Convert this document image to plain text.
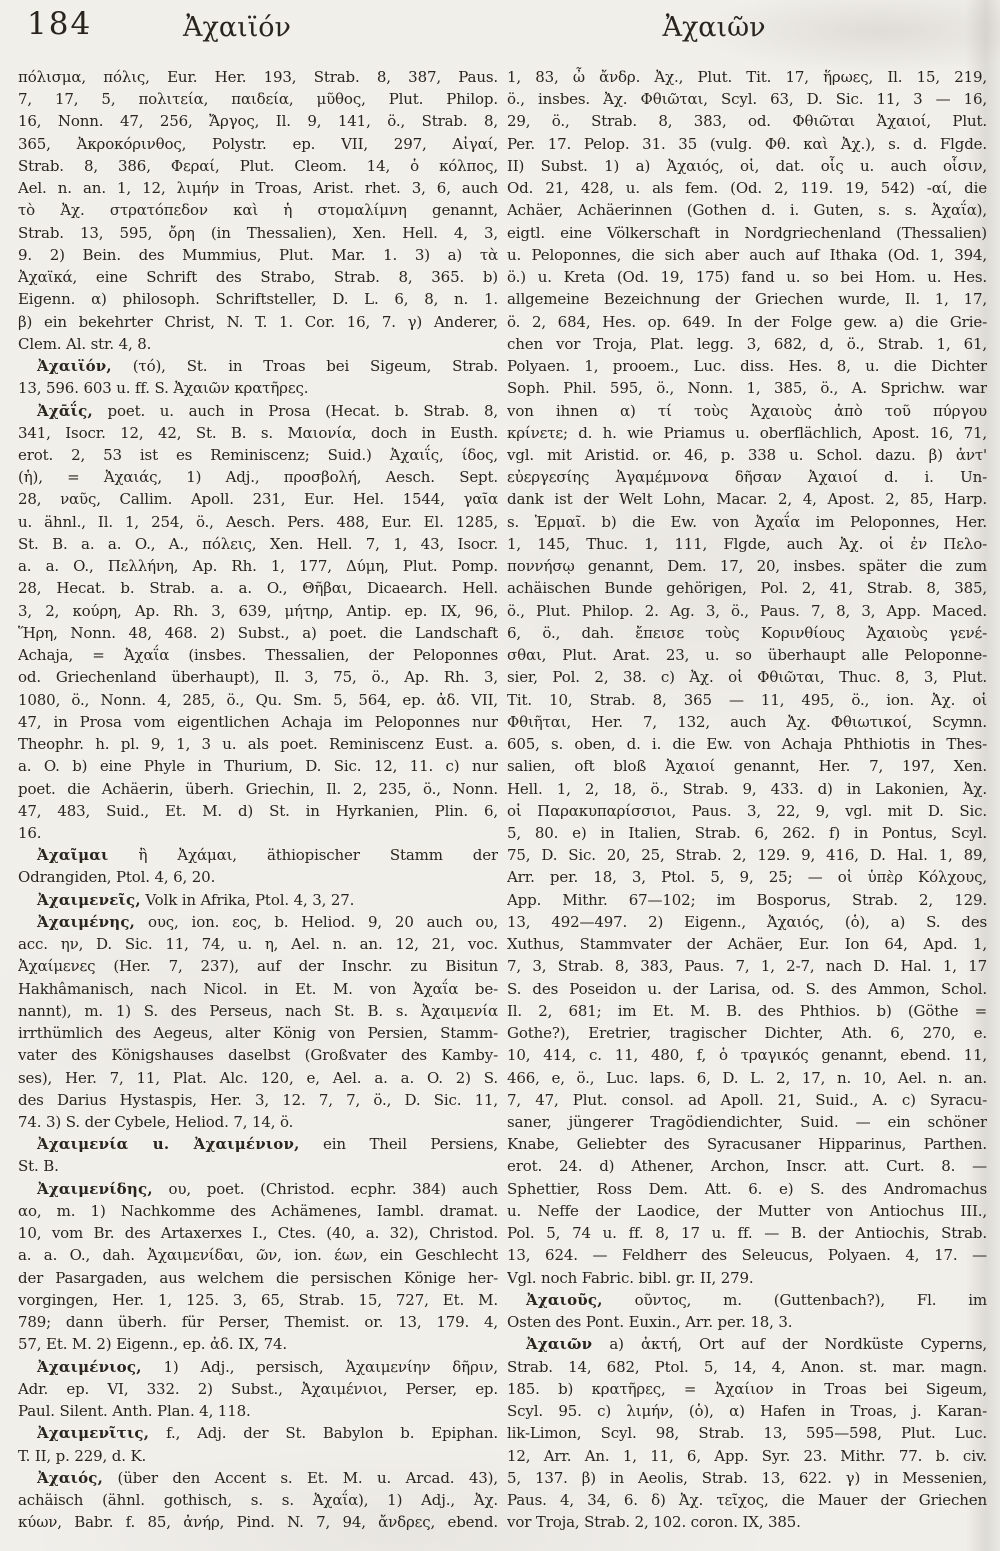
184	Ἀχαιϊόν	Ἀχαιῶν
πόλισμα, πόλις, Eur. Her. 193, Strab. 8, 387, Paus.
7, 17, 5, πολιτεία, παιδεία, μῦθος, Plut. Philop.
16, Nonn. 47, 256, Ἄργος, Il. 9, 141, ö., Strab. 8,
365, Ἀκροκόρινθος, Polystr. ep. VII, 297, Αἰγαί,
Strab. 8, 386, Φεραί, Plut. Cleom. 14, ὁ κόλπος,
Ael. n. an. 1, 12, λιμήν in Troas, Arist. rhet. 3, 6, auch
τὸ Ἀχ. στρατόπεδον καὶ ἡ στομαλίμνη genannt,
Strab. 13, 595, ὄρη (in Thessalien), Xen. Hell. 4, 3,
9. 2) Bein. des Mummius, Plut. Mar. 1. 3) a) τὰ
Ἀχαϊκά, eine Schrift des Strabo, Strab. 8, 365. b)
Eigenn. α) philosoph. Schriftsteller, D. L. 6, 8, n. 1.
β) ein bekehrter Christ, N. T. 1. Cor. 16, 7. γ) Anderer,
Clem. Al. str. 4, 8.
Ἀχαιϊόν, (τό), St. in Troas bei Sigeum, Strab.
13, 596. 603 u. ff. S. Ἀχαιῶν κρατῆρες.
Ἀχᾱΐς, poet. u. auch in Prosa (Hecat. b. Strab. 8,
341, Isocr. 12, 42, St. B. s. Μαιονία, doch in Eusth.
erot. 2, 53 ist es Reminiscenz; Suid.) Ἀχαιΐς, ίδος,
(ἡ), = Ἀχαιάς, 1) Adj., προσβολή, Aesch. Sept.
28, ναῦς, Callim. Apoll. 231, Eur. Hel. 1544, γαῖα
u. ähnl., Il. 1, 254, ö., Aesch. Pers. 488, Eur. El. 1285,
St. B. a. a. O., A., πόλεις, Xen. Hell. 7, 1, 43, Isocr.
a. a. O., Πελλήνη, Ap. Rh. 1, 177, Δύμη, Plut. Pomp.
28, Hecat. b. Strab. a. a. O., Θῆβαι, Dicaearch. Hell.
3, 2, κούρη, Ap. Rh. 3, 639, μήτηρ, Antip. ep. IX, 96,
Ἥρη, Nonn. 48, 468. 2) Subst., a) poet. die Landschaft
Achaja, = Ἀχαΐα (insbes. Thessalien, der Peloponnes
od. Griechenland überhaupt), Il. 3, 75, ö., Ap. Rh. 3,
1080, ö., Nonn. 4, 285, ö., Qu. Sm. 5, 564, ep. ἀδ. VII,
47, in Prosa vom eigentlichen Achaja im Peloponnes nur
Theophr. h. pl. 9, 1, 3 u. als poet. Reminiscenz Eust. a.
a. O. b) eine Phyle in Thurium, D. Sic. 12, 11. c) nur
poet. die Achäerin, überh. Griechin, Il. 2, 235, ö., Nonn.
47, 483, Suid., Et. M. d) St. in Hyrkanien, Plin. 6,
16.
Ἀχαῖμαι ἢ Ἀχάμαι, äthiopischer Stamm der
Odrangiden, Ptol. 4, 6, 20.
Ἀχαιμενεῖς, Volk in Afrika, Ptol. 4, 3, 27.
Ἀχαιμένης, ους, ion. εος, b. Heliod. 9, 20 auch ου,
acc. ην, D. Sic. 11, 74, u. η, Ael. n. an. 12, 21, voc.
Ἀχαίμενες (Her. 7, 237), auf der Inschr. zu Bisitun
Hakhâmanisch, nach Nicol. in Et. M. von Ἀχαΐα be-
nannt), m. 1) S. des Perseus, nach St. B. s. Ἀχαιμενία
irrthümlich des Aegeus, alter König von Persien, Stamm-
vater des Königshauses daselbst (Großvater des Kamby-
ses), Her. 7, 11, Plat. Alc. 120, e, Ael. a. a. O. 2) S.
des Darius Hystaspis, Her. 3, 12. 7, 7, ö., D. Sic. 11,
74. 3) S. der Cybele, Heliod. 7, 14, ö.
Ἀχαιμενία u. Ἀχαιμένιον, ein Theil Persiens,
St. B.
Ἀχαιμενίδης, ου, poet. (Christod. ecphr. 384) auch
αο, m. 1) Nachkomme des Achämenes, Iambl. dramat.
10, vom Br. des Artaxerxes I., Ctes. (40, a. 32), Christod.
a. a. O., dah. Ἀχαιμενίδαι, ῶν, ion. έων, ein Geschlecht
der Pasargaden, aus welchem die persischen Könige her-
vorgingen, Her. 1, 125. 3, 65, Strab. 15, 727, Et. M.
789; dann überh. für Perser, Themist. or. 13, 179. 4,
57, Et. M. 2) Eigenn., ep. ἀδ. IX, 74.
Ἀχαιμένιος, 1) Adj., persisch, Ἀχαιμενίην δῆριν,
Adr. ep. VI, 332. 2) Subst., Ἀχαιμένιοι, Perser, ep.
Paul. Silent. Anth. Plan. 4, 118.
Ἀχαιμενῖτις, f., Adj. der St. Babylon b. Epiphan.
T. II, p. 229, d. K.
Ἀχαιός, (über den Accent s. Et. M. u. Arcad. 43),
achäisch (ähnl. gothisch, s. s. Ἀχαΐα), 1) Adj., Ἀχ.
κύων, Babr. f. 85, ἀνήρ, Pind. N. 7, 94, ἄνδρες, ebend.
1, 83, ὦ ἄνδρ. Ἀχ., Plut. Tit. 17, ἥρωες, Il. 15, 219,
ö., insbes. Ἀχ. Φθιῶται, Scyl. 63, D. Sic. 11, 3 — 16,
29, ö., Strab. 8, 383, od. Φθιῶται Ἀχαιοί, Plut.
Per. 17. Pelop. 31. 35 (vulg. Φθ. καὶ Ἀχ.), s. d. Flgde.
II) Subst. 1) a) Ἀχαιός, οἱ, dat. οἷς u. auch οἷσιν,
Od. 21, 428, u. als fem. (Od. 2, 119. 19, 542) -αί, die
Achäer, Achäerinnen (Gothen d. i. Guten, s. s. Ἀχαΐα),
eigtl. eine Völkerschaft in Nordgriechenland (Thessalien)
u. Peloponnes, die sich aber auch auf Ithaka (Od. 1, 394,
ö.) u. Kreta (Od. 19, 175) fand u. so bei Hom. u. Hes.
allgemeine Bezeichnung der Griechen wurde, Il. 1, 17,
ö. 2, 684, Hes. op. 649. In der Folge gew. a) die Grie-
chen vor Troja, Plat. legg. 3, 682, d, ö., Strab. 1, 61,
Polyaen. 1, prooem., Luc. diss. Hes. 8, u. die Dichter
Soph. Phil. 595, ö., Nonn. 1, 385, ö., A. Sprichw. war
von ihnen α) τί τοὺς Ἀχαιοὺς ἀπὸ τοῦ πύργου
κρίνετε; d. h. wie Priamus u. oberflächlich, Apost. 16, 71,
vgl. mit Aristid. or. 46, p. 338 u. Schol. dazu. β) ἀντ'
εὐεργεσίης Ἀγαμέμνονα δῆσαν Ἀχαιοί d. i. Un-
dank ist der Welt Lohn, Macar. 2, 4, Apost. 2, 85, Harp.
s. Ἑρμαῖ. b) die Ew. von Ἀχαΐα im Peloponnes, Her.
1, 145, Thuc. 1, 111, Flgde, auch Ἀχ. οἱ ἐν Πελο-
ποννήσῳ genannt, Dem. 17, 20, insbes. später die zum
achäischen Bunde gehörigen, Pol. 2, 41, Strab. 8, 385,
ö., Plut. Philop. 2. Ag. 3, ö., Paus. 7, 8, 3, App. Maced.
6, ö., dah. ἔπεισε τοὺς Κορινθίους Ἀχαιοὺς γενέ-
σθαι, Plut. Arat. 23, u. so überhaupt alle Peloponne-
sier, Pol. 2, 38. c) Ἀχ. οἱ Φθιῶται, Thuc. 8, 3, Plut.
Tit. 10, Strab. 8, 365 — 11, 495, ö., ion. Ἀχ. οἱ
Φθιῆται, Her. 7, 132, auch Ἀχ. Φθιωτικοί, Scymn.
605, s. oben, d. i. die Ew. von Achaja Phthiotis in Thes-
salien, oft bloß Ἀχαιοί genannt, Her. 7, 197, Xen.
Hell. 1, 2, 18, ö., Strab. 9, 433. d) in Lakonien, Ἀχ.
οἱ Παρακυπαρίσσιοι, Paus. 3, 22, 9, vgl. mit D. Sic.
5, 80. e) in Italien, Strab. 6, 262. f) in Pontus, Scyl.
75, D. Sic. 20, 25, Strab. 2, 129. 9, 416, D. Hal. 1, 89,
Arr. per. 18, 3, Ptol. 5, 9, 25; — οἱ ὑπὲρ Κόλχους,
App. Mithr. 67—102; im Bosporus, Strab. 2, 129.
13, 492—497. 2) Eigenn., Ἀχαιός, (ὁ), a) S. des
Xuthus, Stammvater der Achäer, Eur. Ion 64, Apd. 1,
7, 3, Strab. 8, 383, Paus. 7, 1, 2-7, nach D. Hal. 1, 17
S. des Poseidon u. der Larisa, od. S. des Ammon, Schol.
Il. 2, 681; im Et. M. B. des Phthios. b) (Göthe =
Gothe?), Eretrier, tragischer Dichter, Ath. 6, 270, e.
10, 414, c. 11, 480, f, ὁ τραγικός genannt, ebend. 11,
466, e, ö., Luc. laps. 6, D. L. 2, 17, n. 10, Ael. n. an.
7, 47, Plut. consol. ad Apoll. 21, Suid., A. c) Syracu-
saner, jüngerer Tragödiendichter, Suid. — ein schöner
Knabe, Geliebter des Syracusaner Hipparinus, Parthen.
erot. 24. d) Athener, Archon, Inscr. att. Curt. 8. —
Sphettier, Ross Dem. Att. 6. e) S. des Andromachus
u. Neffe der Laodice, der Mutter von Antiochus III.,
Pol. 5, 74 u. ff. 8, 17 u. ff. — B. der Antiochis, Strab.
13, 624. — Feldherr des Seleucus, Polyaen. 4, 17. —
Vgl. noch Fabric. bibl. gr. II, 279.
Ἀχαιοῦς, οῦντος, m. (Guttenbach?), Fl. im
Osten des Pont. Euxin., Arr. per. 18, 3.
Ἀχαιῶν a) ἀκτή, Ort auf der Nordküste Cyperns,
Strab. 14, 682, Ptol. 5, 14, 4, Anon. st. mar. magn.
185. b) κρατῆρες, = Ἀχαίιον in Troas bei Sigeum,
Scyl. 95. c) λιμήν, (ὁ), α) Hafen in Troas, j. Karan-
lik-Limon, Scyl. 98, Strab. 13, 595—598, Plut. Luc.
12, Arr. An. 1, 11, 6, App. Syr. 23. Mithr. 77. b. civ.
5, 137. β) in Aeolis, Strab. 13, 622. γ) in Messenien,
Paus. 4, 34, 6. δ) Ἀχ. τεῖχος, die Mauer der Griechen
vor Troja, Strab. 2, 102. coron. IX, 385.
